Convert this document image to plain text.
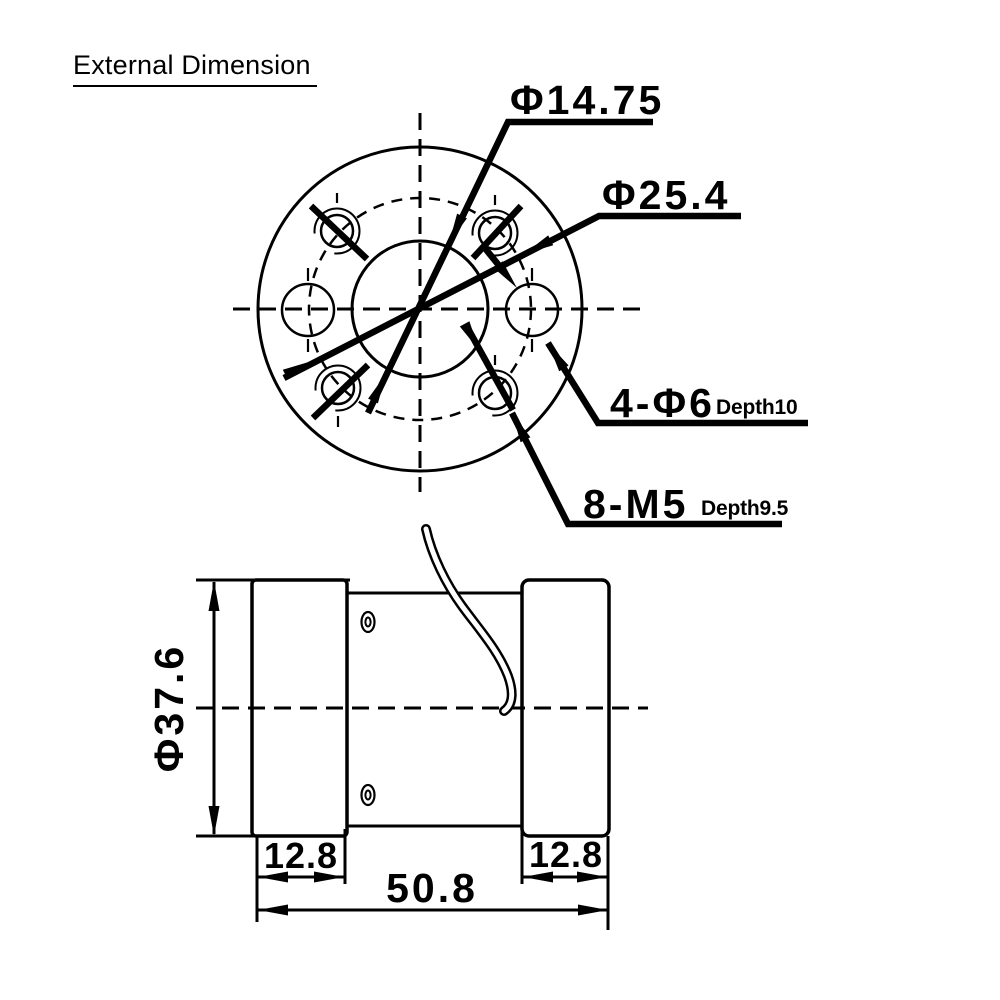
External Dimension
Φ14.75
Φ25.4
4-Φ6 Depth10
8-M5 Depth9.5
Φ37.6
12.8	12.8
50.8
